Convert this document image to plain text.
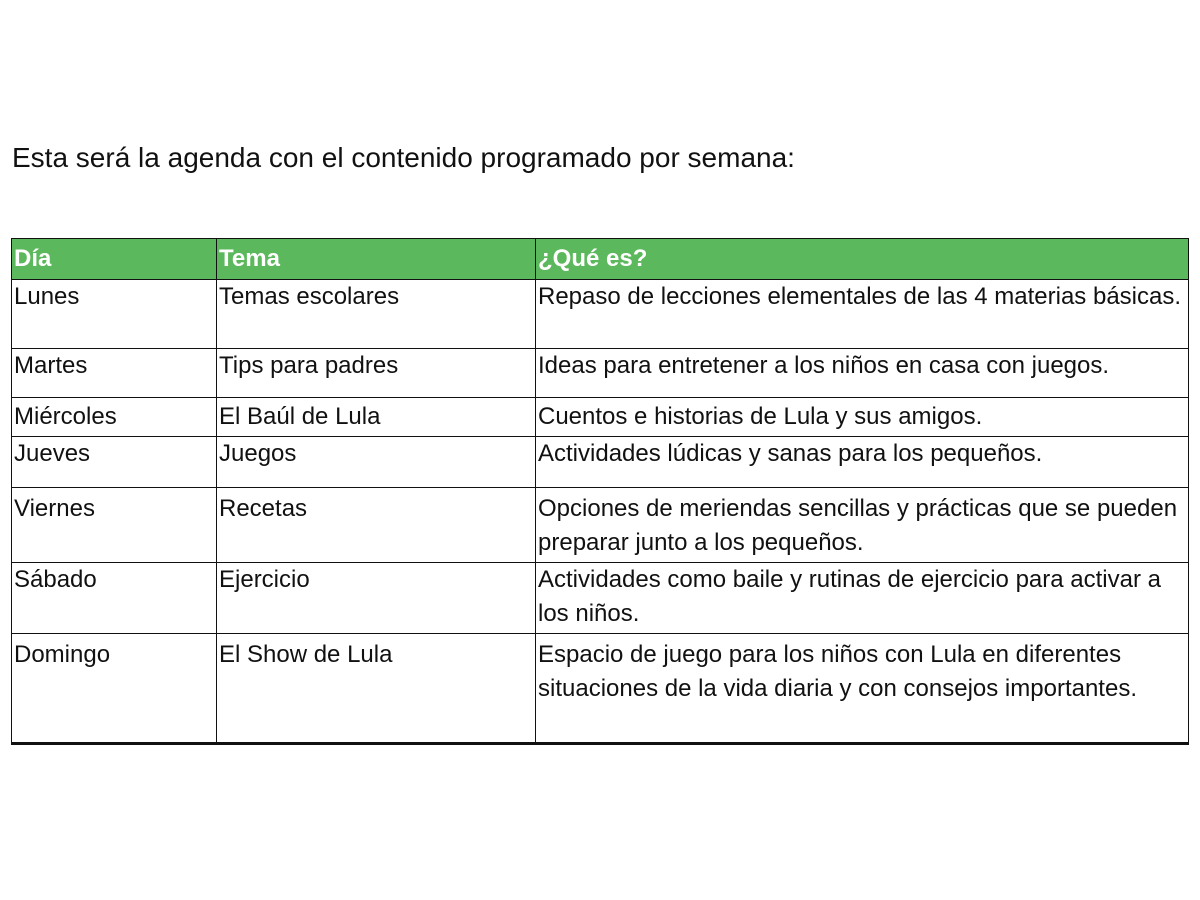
Esta será la agenda con el contenido programado por semana:

Día	Tema	¿Qué es?
Lunes	Temas escolares	Repaso de lecciones elementales de las 4 materias básicas.
Martes	Tips para padres	Ideas para entretener a los niños en casa con juegos.
Miércoles	El Baúl de Lula	Cuentos e historias de Lula y sus amigos.
Jueves	Juegos	Actividades lúdicas y sanas para los pequeños.
Viernes	Recetas	Opciones de meriendas sencillas y prácticas que se pueden preparar junto a los pequeños.
Sábado	Ejercicio	Actividades como baile y rutinas de ejercicio para activar a los niños.
Domingo	El Show de Lula	Espacio de juego para los niños con Lula en diferentes situaciones de la vida diaria y con consejos importantes.
